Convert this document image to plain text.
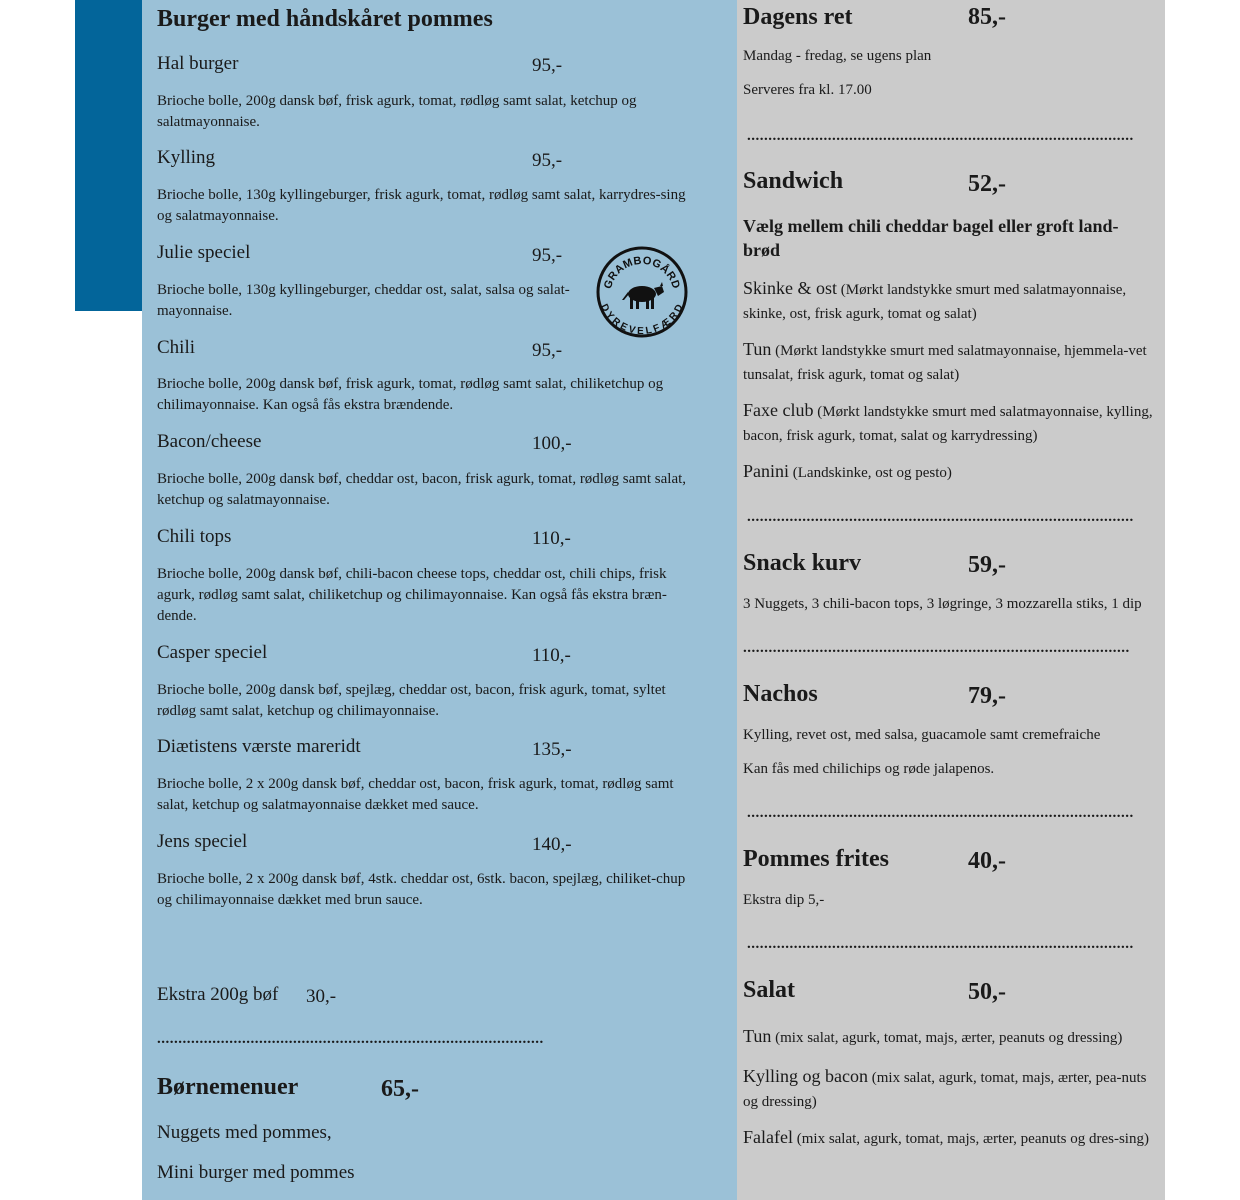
Burger med håndskåret pommes
Hal burger	95,-
Brioche bolle, 200g dansk bøf, frisk agurk, tomat, rødløg samt salat, ketchup og salatmayonnaise.
Kylling	95,-
Brioche bolle, 130g kyllingeburger, frisk agurk, tomat, rødløg samt salat, karrydres-sing og salatmayonnaise.
Julie speciel	95,-
Brioche bolle, 130g kyllingeburger, cheddar ost, salat, salsa og salat-mayonnaise.
GRAMBOGÅRD
DYREVELFÆRD
Chili	95,-
Brioche bolle, 200g dansk bøf, frisk agurk, tomat, rødløg samt salat, chiliketchup og chilimayonnaise. Kan også fås ekstra brændende.
Bacon/cheese	100,-
Brioche bolle, 200g dansk bøf, cheddar ost, bacon, frisk agurk, tomat, rødløg samt salat, ketchup og salatmayonnaise.
Chili tops	110,-
Brioche bolle, 200g dansk bøf, chili-bacon cheese tops, cheddar ost, chili chips, frisk agurk, rødløg samt salat, chiliketchup og chilimayonnaise. Kan også fås ekstra bræn-dende.
Casper speciel	110,-
Brioche bolle, 200g dansk bøf, spejlæg, cheddar ost, bacon, frisk agurk, tomat, syltet rødløg samt salat, ketchup og chilimayonnaise.
Diætistens værste mareridt	135,-
Brioche bolle, 2 x 200g dansk bøf, cheddar ost, bacon, frisk agurk, tomat, rødløg samt salat, ketchup og salatmayonnaise dækket med sauce.
Jens speciel	140,-
Brioche bolle, 2 x 200g dansk bøf, 4stk. cheddar ost, 6stk. bacon, spejlæg, chiliket-chup og chilimayonnaise dækket med brun sauce.
Ekstra 200g bøf 30,-
...........................................................................................
Børnemenuer	65,-
Nuggets med pommes,
Mini burger med pommes
Dagens ret	85,-
Mandag - fredag, se ugens plan
Serveres fra kl. 17.00
...........................................................................................
Sandwich	52,-
Vælg mellem chili cheddar bagel eller groft land-brød
Skinke & ost (Mørkt landstykke smurt med salatmayonnaise, skinke, ost, frisk agurk, tomat og salat)
Tun (Mørkt landstykke smurt med salatmayonnaise, hjemmela-vet tunsalat, frisk agurk, tomat og salat)
Faxe club (Mørkt landstykke smurt med salatmayonnaise, kylling, bacon, frisk agurk, tomat, salat og karrydressing)
Panini (Landskinke, ost og pesto)
...........................................................................................
Snack kurv	59,-
3 Nuggets, 3 chili-bacon tops, 3 løgringe, 3 mozzarella stiks, 1 dip
...........................................................................................
Nachos	79,-
Kylling, revet ost, med salsa, guacamole samt cremefraiche
Kan fås med chilichips og røde jalapenos.
...........................................................................................
Pommes frites	40,-
Ekstra dip 5,-
...........................................................................................
Salat	50,-
Tun (mix salat, agurk, tomat, majs, ærter, peanuts og dressing)
Kylling og bacon (mix salat, agurk, tomat, majs, ærter, pea-nuts og dressing)
Falafel (mix salat, agurk, tomat, majs, ærter, peanuts og dres-sing)
